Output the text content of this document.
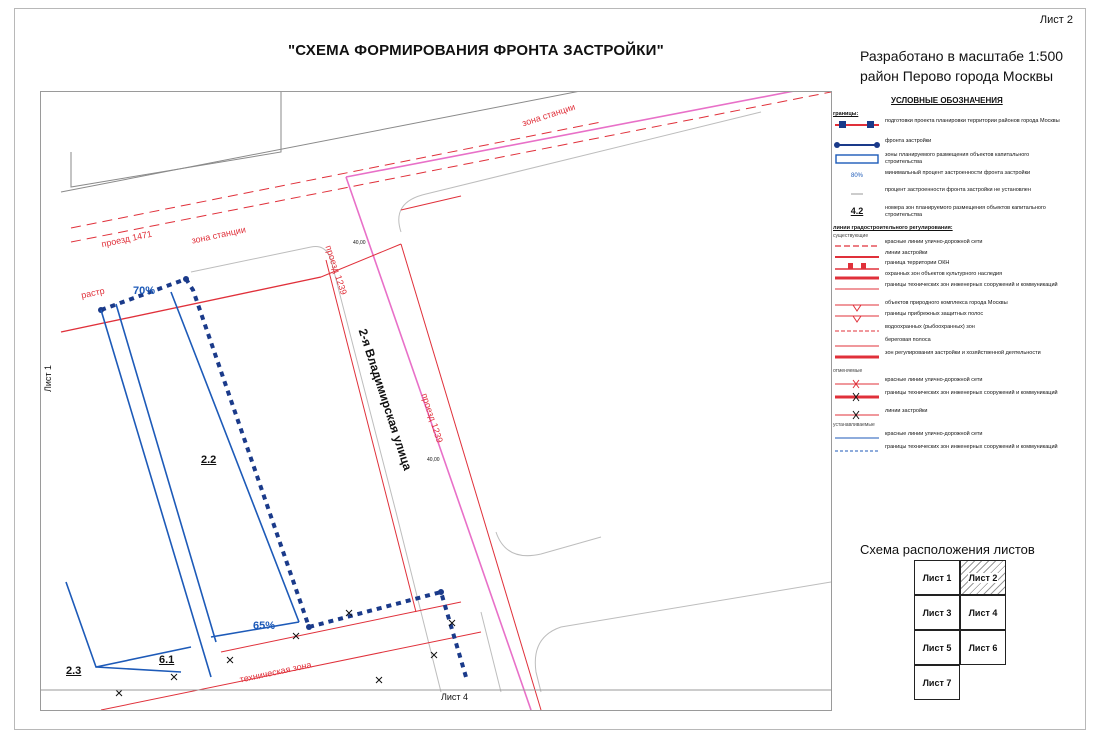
Лист 2
"СХЕМА ФОРМИРОВАНИЯ ФРОНТА ЗАСТРОЙКИ"	Разработано в масштабе 1:500
район Перово города Москвы
2-я Владимирская улица
проезд 1471
проезд 1239
проезд 1239
зона станции
зона станции
техническая зона
растр	70%
65%
2.2
2.3
6.1
Лист 1
Лист 4
40,00
40,00
УСЛОВНЫЕ ОБОЗНАЧЕНИЯ
границы:
подготовки проекта планировки территории районов города Москвы
фронта застройки
зоны планируемого размещения объектов капитального строительства
80%	минимальный процент застроенности фронта застройки
процент застроенности фронта застройки не установлен
4.2	номера зон планируемого размещения объектов капитального строительства
линии градостроительного регулирования:
существующие
красные линии улично-дорожной сети
линии застройки
граница территории ОКН
охранных зон объектов культурного наследия
границы технических зон инженерных сооружений и коммуникаций
объектов природного комплекса города Москвы
границы прибрежных защитных полос
водоохранных (рыбоохранных) зон
береговая полоса
зон регулирования застройки и хозяйственной деятельности
отменяемые
красные линии улично-дорожной сети
границы технических зон инженерных сооружений и коммуникаций
линии застройки
устанавливаемые
красные линии улично-дорожной сети
границы технических зон инженерных сооружений и коммуникаций
Схема расположения листов
Лист 1	Лист 2
Лист 3	Лист 4
Лист 5	Лист 6
Лист 7
